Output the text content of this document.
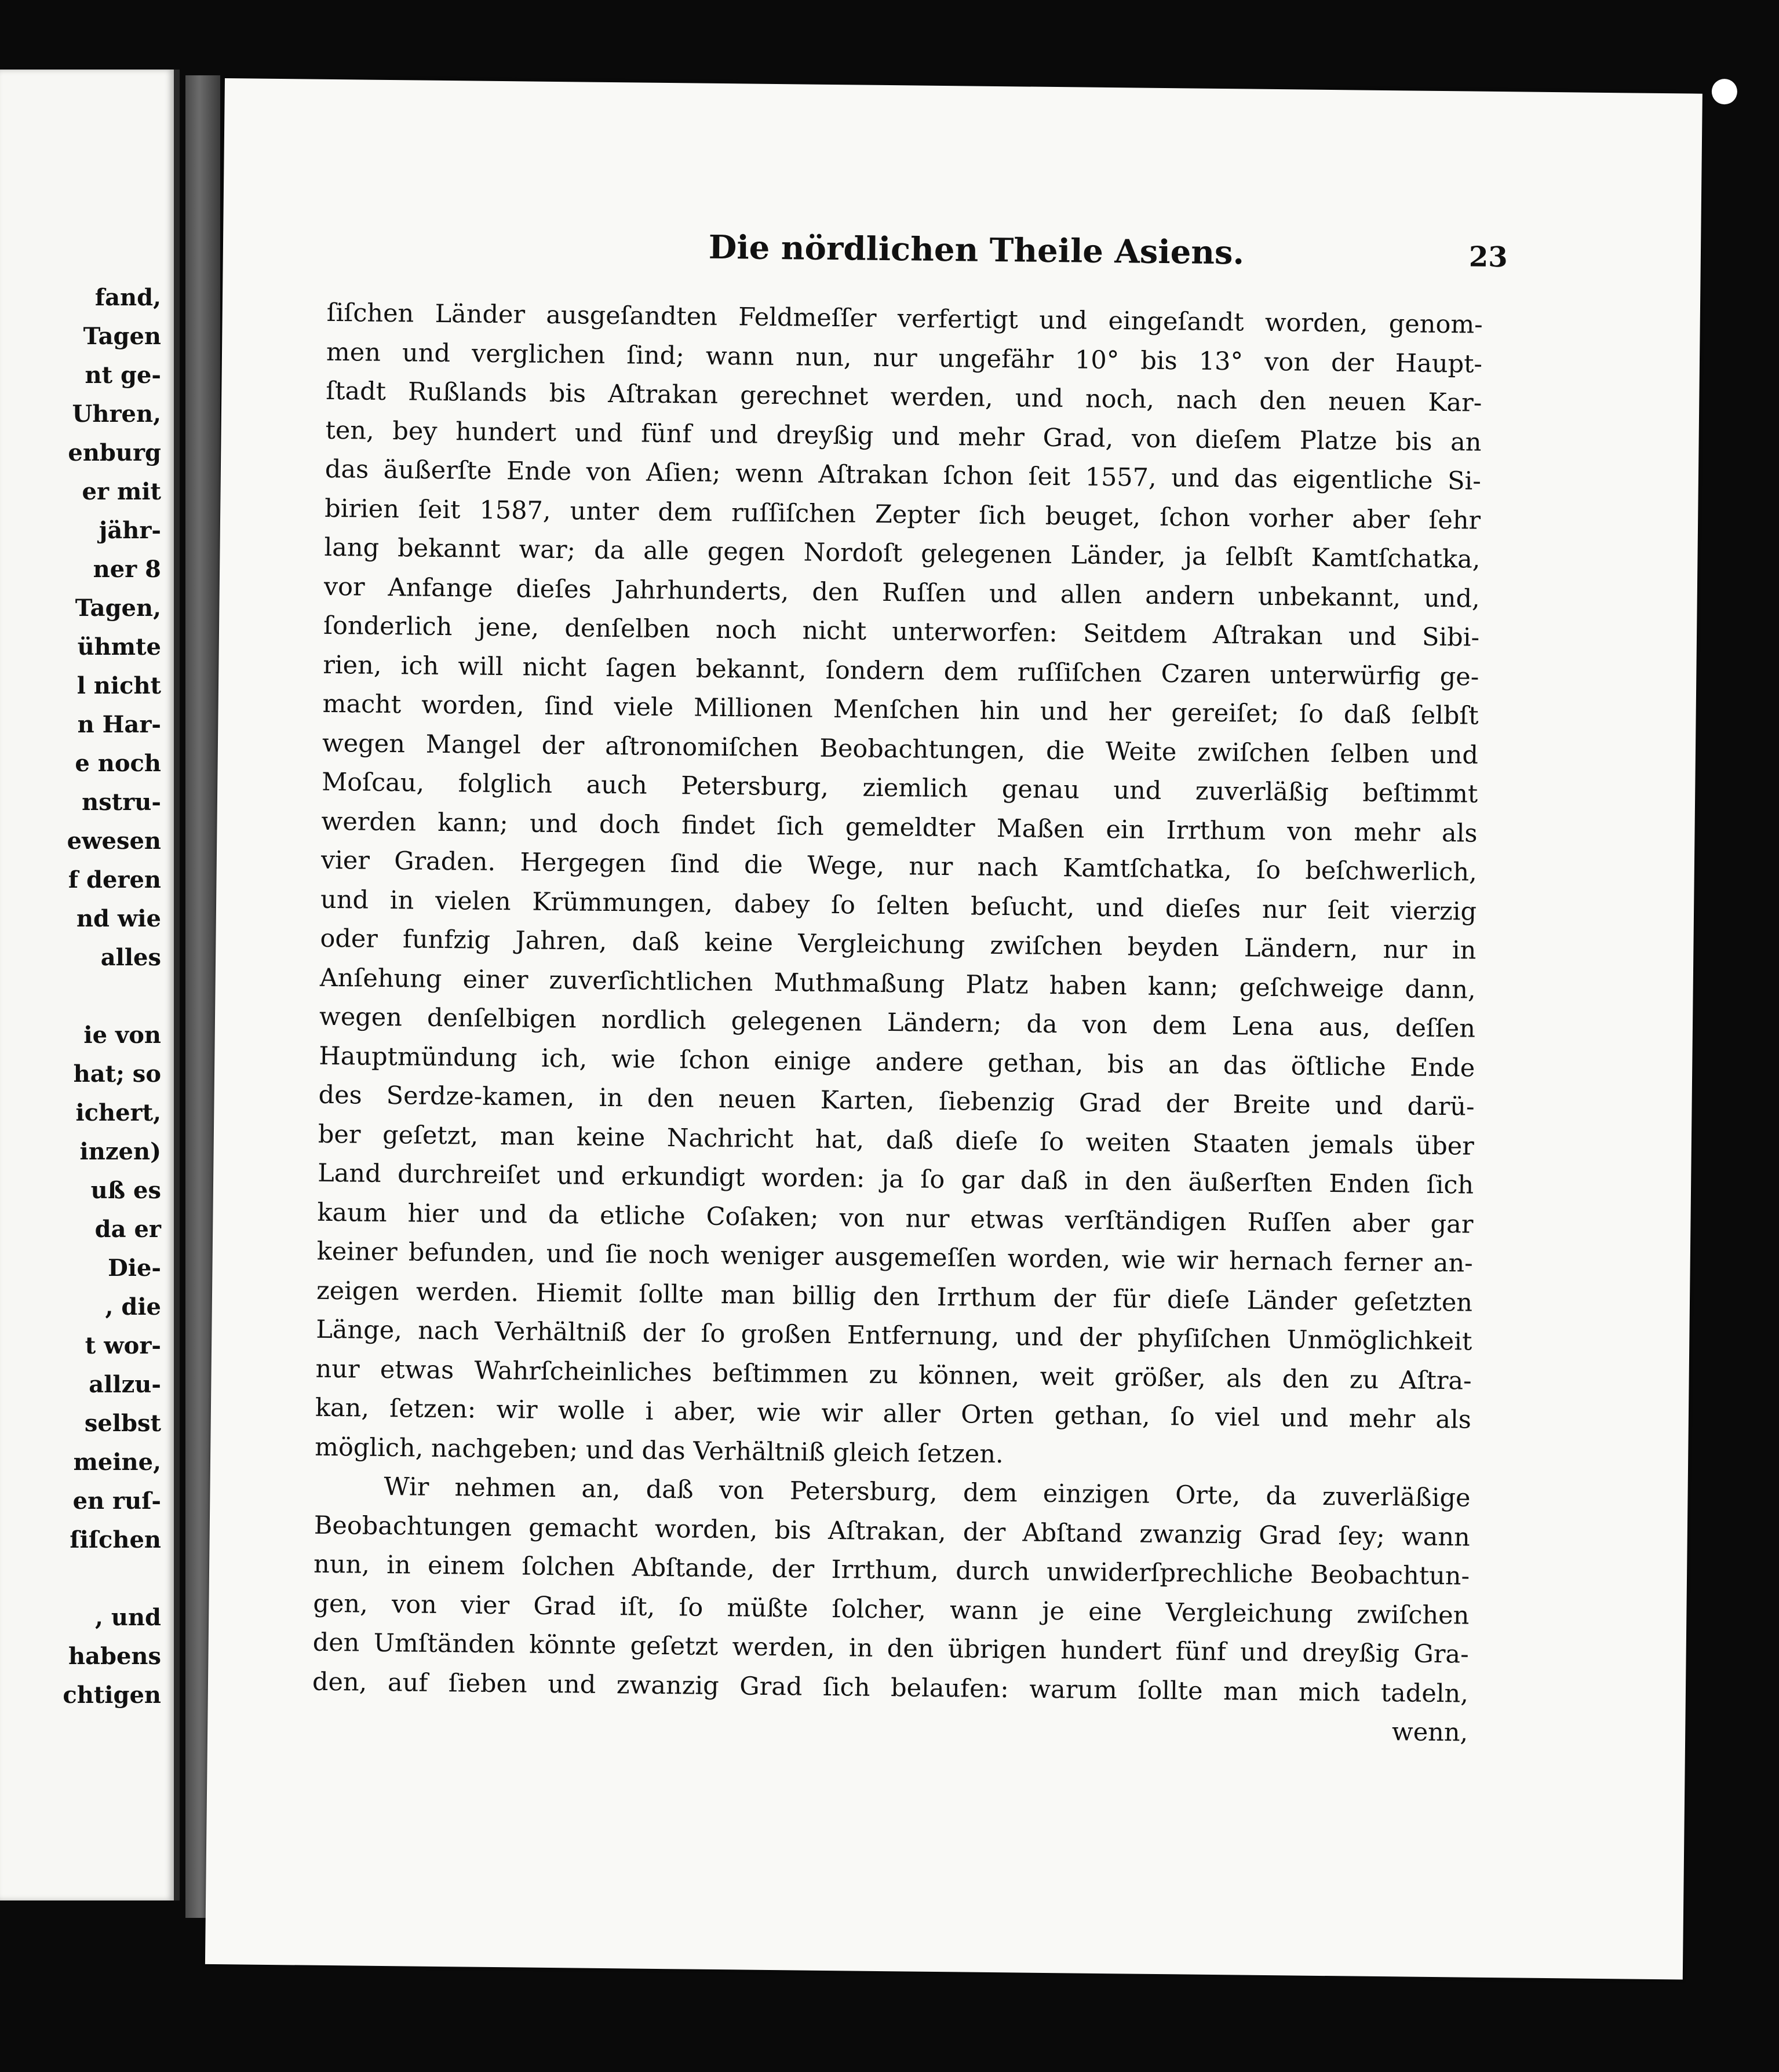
fand,
Tagen
nt ge-
Uhren,
enburg
er mit
jähr-
ner 8
Tagen,
ühmte
l nicht
n Har-
e noch
nstru-
ewesen
f deren
nd wie
alles

ie von
hat; so
ichert,
inzen)
uß es
da er
Die-
, die
t wor-
allzu-
selbst
meine,
en ruſ-
ſiſchen

, und
habens
chtigen
Die nördlichen Theile Asiens.	23
ſiſchen Länder ausgeſandten Feldmeſſer verfertigt und eingeſandt worden, genom-
men und verglichen ſind; wann nun, nur ungefähr 10° bis 13° von der Haupt-
ſtadt Rußlands bis Aſtrakan gerechnet werden, und noch, nach den neuen Kar-
ten, bey hundert und fünf und dreyßig und mehr Grad, von dieſem Platze bis an
das äußerſte Ende von Aſien; wenn Aſtrakan ſchon ſeit 1557, und das eigentliche Si-
birien ſeit 1587, unter dem ruſſiſchen Zepter ſich beuget, ſchon vorher aber ſehr
lang bekannt war; da alle gegen Nordoſt gelegenen Länder, ja ſelbſt Kamtſchatka,
vor Anfange dieſes Jahrhunderts, den Ruſſen und allen andern unbekannt, und,
ſonderlich jene, denſelben noch nicht unterworfen: Seitdem Aſtrakan und Sibi-
rien, ich will nicht ſagen bekannt, ſondern dem ruſſiſchen Czaren unterwürfig ge-
macht worden, ſind viele Millionen Menſchen hin und her gereiſet; ſo daß ſelbſt
wegen Mangel der aſtronomiſchen Beobachtungen, die Weite zwiſchen ſelben und
Moſcau, folglich auch Petersburg, ziemlich genau und zuverläßig beſtimmt
werden kann; und doch findet ſich gemeldter Maßen ein Irrthum von mehr als
vier Graden. Hergegen ſind die Wege, nur nach Kamtſchatka, ſo beſchwerlich,
und in vielen Krümmungen, dabey ſo ſelten beſucht, und dieſes nur ſeit vierzig
oder funfzig Jahren, daß keine Vergleichung zwiſchen beyden Ländern, nur in
Anſehung einer zuverſichtlichen Muthmaßung Platz haben kann; geſchweige dann,
wegen denſelbigen nordlich gelegenen Ländern; da von dem Lena aus, deſſen
Hauptmündung ich, wie ſchon einige andere gethan, bis an das öſtliche Ende
des Serdze-kamen, in den neuen Karten, ſiebenzig Grad der Breite und darü-
ber geſetzt, man keine Nachricht hat, daß dieſe ſo weiten Staaten jemals über
Land durchreiſet und erkundigt worden: ja ſo gar daß in den äußerſten Enden ſich
kaum hier und da etliche Coſaken; von nur etwas verſtändigen Ruſſen aber gar
keiner befunden, und ſie noch weniger ausgemeſſen worden, wie wir hernach ferner an-
zeigen werden. Hiemit ſollte man billig den Irrthum der für dieſe Länder geſetzten
Länge, nach Verhältniß der ſo großen Entfernung, und der phyſiſchen Unmöglichkeit
nur etwas Wahrſcheinliches beſtimmen zu können, weit größer, als den zu Aſtra-
kan, ſetzen: wir wolle i aber, wie wir aller Orten gethan, ſo viel und mehr als
möglich, nachgeben; und das Verhältniß gleich ſetzen.
Wir nehmen an, daß von Petersburg, dem einzigen Orte, da zuverläßige
Beobachtungen gemacht worden, bis Aſtrakan, der Abſtand zwanzig Grad ſey; wann
nun, in einem ſolchen Abſtande, der Irrthum, durch unwiderſprechliche Beobachtun-
gen, von vier Grad iſt, ſo müßte ſolcher, wann je eine Vergleichung zwiſchen
den Umſtänden könnte geſetzt werden, in den übrigen hundert fünf und dreyßig Gra-
den, auf ſieben und zwanzig Grad ſich belaufen: warum ſollte man mich tadeln,
wenn,
